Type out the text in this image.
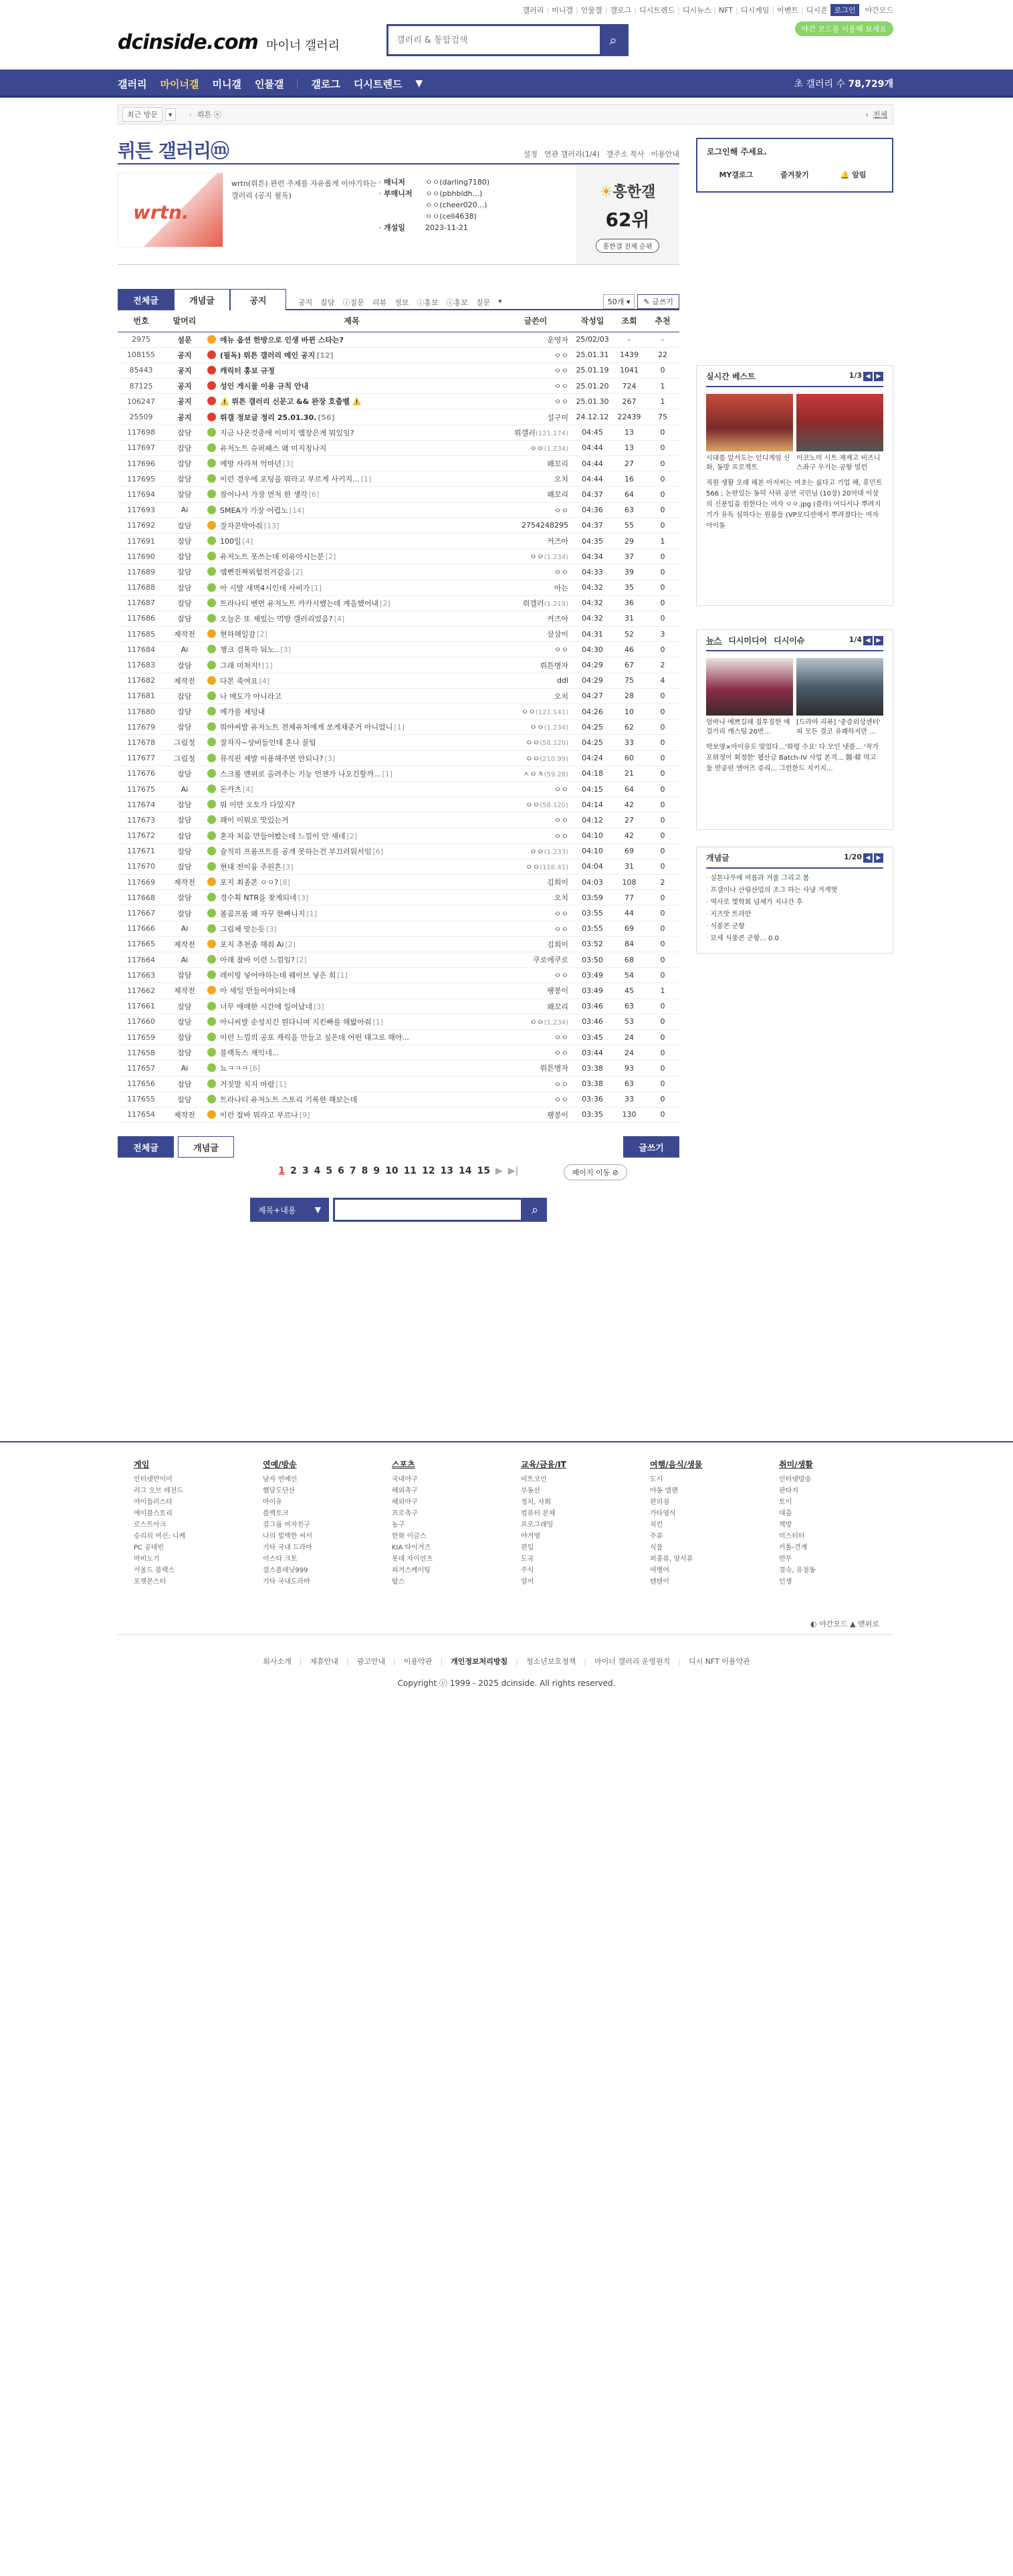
갤러리 | 미니갤 | 인물갤 | 갤로그 | 디시트렌드 | 디시뉴스 | NFT | 디시게임 | 이벤트 | 디시콘 로그인	야간모드
야간 모드를 이용해 보세요
dcinside.com 마이너 갤러리
갤러리 & 통합검색	⌕
갤러리 마이너갤 미니갤 인물갤	갤로그 디시트렌드 ▼	초 갤러리 수 78,729개
최근 방문	▾	‹ 뤼튼 ⓧ	›  전체
뤼튼 갤러리ⓜ	설정 연관 갤러리(1/4) 갤주소 복사 이용안내
wrtn.
wrtn(뤼튼) 관련 주제를 자유롭게 이야기하는 갤러리 (공지 필독)
· 매니저	ㅇㅇ(darling7180)
· 부매니저	ㅇㅇ(pbhbldh...)
ㅇㅇ(cheer020...)
ㅇㅇ(cell4638)
· 개설일	2023-11-21
☀흥한갤
62위
흥한갤 전체 순위
전체글	개념글	공지	공지 잡담 ⓘ질문 리뷰 정보 ⓘ홍보 ⓘ홍보 질문 ▾	50개 ▾	✎ 글쓰기
번호	말머리	제목	글쓴이	작성일	조회	추천
2975	설문	애뉴 옵션 한방으로 인생 바뀐 스타는?	운영자	25/02/03	-	-
108155	공지	(필독) 뤼튼 갤러리 메인 공지 [12]	ㅇㅇ	25.01.31	1439	22
85443	공지	캐릭터 홍보 규정	ㅇㅇ	25.01.19	1041	0
87125	공지	성인 게시물 이용 규칙 안내	ㅇㅇ	25.01.20	724	1
106247	공지	⚠️ 뤼튼 갤러리 신문고 && 완장 호출벨 ⚠️	ㅇㅇ	25.01.30	267	1
25509	공지	뤼갤 정보글 정리 25.01.30. [56]	설구미	24.12.12	22439	75
117698	잡담	지금 나온것중에 이미지 엠장은게 뭐있임?	뤼갤러(121.174)	04:45	13	0
117697	잡담	유저노트 슈퍼패스 왜 미지칭나지	ㅇㅇ(1.234)	04:44	13	0
117696	잡담	예방 사라져 억마년 [3]	왜꼬리	04:44	27	0
117695	잡담	이런 경우에 포팅을 뭐라고 부르게 사키지... [1]	오치	04:44	16	0
117694	잡담	잠어나서 가장 먼저 한 생각 [6]	왜꼬리	04:37	64	0
117693	Ai	SMEA가 가장 어렵노 [14]	ㅇㅇ	04:36	63	0
117692	잡담	잘자콘박아줘 [13]	2754248295	04:37	55	0
117691	잡담	100일 [4]	커즈아	04:35	29	1
117690	잡담	유저노트 못쓰는데 이유아시는분 [2]	ㅇㅇ(1.234)	04:34	37	0
117689	잡담	멤뻔진짜위험전거같음 [2]	ㅇㅇ	04:33	39	0
117688	잡담	아 시발 새벽4시인데 사비가 [1]	아는	04:32	35	0
117687	잡담	트라나티 벤먼 유저노트 카카시했는데 계을했어내 [2]	뤼갤러(1.219)	04:32	36	0
117686	잡담	오늘은 또 제밌는 먹방 갤러리었음? [4]	커즈아	04:32	31	0
117685	제작전	현하해일감 [2]	삼삼이	04:31	52	3
117684	Ai	챙크 검톡하 둬노.. [3]	ㅇㅇ	04:30	46	0
117683	잡담	그래 미쳐지! [1]	뤼튼병자	04:29	67	2
117682	제작전	다본 죽여요 [4]	ddl	04:29	75	4
117681	잡담	나 매도가 아니라고	오치	04:27	28	0
117680	잡담	예가를 제덩내	ㅇㅇ(121.141)	04:26	10	0
117679	잡담	뭐야씨발 유저노트 전체유처에게 쏘게채준거 아니었니 [1]	ㅇㅇ(1.234)	04:25	62	0
117678	그림정	잘자자~상비들인데 혼나 꿀팁	ㅇㅇ(58.120)	04:25	33	0
117677	그림정	뮤직핀 제발 이용해주면 안되나? [3]	ㅇㅇ(210.99)	04:24	60	0
117676	잡담	스크롤 맨위로 올려주는 기능 언젠가 나오긴할까... [1]	ㅅㅇㅊ(59.28)	04:18	21	0
117675	Ai	돈카츠 [4]	ㅇㅇ	04:15	64	0
117674	잡담	뭐 이만 오토가 다있지?	ㅇㅇ(58.120)	04:14	42	0
117673	잡담	꽤이 이뭐로 맛있는거	ㅇㅇ	04:12	27	0
117672	잡담	혼자 처음 만들어봤는데 느낌이 안 새네 [2]	ㅇㅇ	04:10	42	0
117671	잡담	슐직히 프롬프트를 공개 못하는건 부끄러워서임 [6]	ㅇㅇ(1.233)	04:10	69	0
117670	잡담	현대 전이융 주원흔 [3]	ㅇㅇ(116.41)	04:04	31	0
117669	제작전	포지 최종본 ㅇㅇ? [8]	김희이	04:03	108	2
117668	잡담	경수획 NTR을 찾게되네 [3]	오치	03:59	77	0
117667	잡담	볼콤프롬 왜 자꾸 한빠니지 [1]	ㅇㅇ	03:55	44	0
117666	Ai	그림체 맞는듯 [3]	ㅇㅇ	03:55	69	0
117665	제작전	포지 추천좀 해줘 Ai [2]	김희이	03:52	84	0
117664	Ai	아래 참바 이런 느낌임? [2]	쿠로에쿠로	03:50	68	0
117663	잡담	레이빙 넣어야하는데 웨이브 넣은 희 [1]	ㅇㅇ	03:49	54	0
117662	제작전	아 세잉 만들어야되는데	팽봉이	03:49	45	1
117661	잡담	너무 애매한 시간에 일어났네 [3]	왜꼬리	03:46	63	0
117660	잡담	아니씨발 순성치긴 뭔다니며 지킨빠를 해밟아줘 [1]	ㅇㅇ(1.234)	03:46	53	0
117659	잡담	이런 느낌의 공포 캐릭을 만들고 싶은데 어떤 태그로 해야...	ㅇㅇ	03:45	24	0
117658	잡담	블랙독스 재익네...	ㅇㅇ	03:44	24	0
117657	Ai	뇨ㅋㅋㅋ [6]	뤼튼병자	03:38	93	0
117656	잡담	거짓말 치지 마렴 [1]	ㅇㅇ	03:38	63	0
117655	잡담	트라나티 유저노트 스토리 기록한 해보는데	ㅇㅇ	03:36	33	0
117654	제작전	이런 잡바 뭐라고 부르나 [9]	팽봉이	03:35	130	0
전체글	개념글	글쓰기
1 2 3 4 5 6 7 8 9 10 11 12 13 14 15 ▶ ▶|	페이지 이동 ⊘
제목+내용 ▼	⌕
로그인해 주세요.
MY갤로그	즐겨찾기	🔔 알림
실시간 베스트	1/3 ◀ ▶
시대를 앞서도는 인디게임 신화, 동방 프로젝트
이코노미 시트 제재고 비즈니스좌구 우기는 공항 빌런
직원 생활 오래 해본 아저씨는 여초는 싫다고 기업 해, 휴민트 566 ; 논란있는 동덕 사위 공연 국민님 (10장) 20억대 이상의 신분입을 원한다는 여자 ㅇㅇ.jpg (플라) 어디서나 뿌려지기가 유독 심하다는 원룸들 (VP모디션에서 뿌려졌다는 여자아이돌
뉴스 디시미디어 디시이슈	1/4 ◀ ▶
엄마나 예쁘길래 질투질한 에 걸가리 캐스팅 20번...
[드라마 리뷰] '중증외상센터' 피 모든 결코 유쾌하지만 ...
박보영×아이유도 맞었다…'화령 수요' 다 모인 넷플... '작가 포위정이 회정한' 웹산금 Batch-IV 사업 본격... 醫·韓 먹고 둘 반공린 엔어즈 증리... 그런한드 지키지...
개념글	1/20 ◀ ▶
· 실톤나무에 여름과 겨울 그리고 봄
· 프갤이나 산림산업의 조그 하는 사냥 거게벗
· 역사로 몇학회 넘셰가 지나간 후
· 지즈맛 트라만
· 식풍콘 군항
· 묘세 식풍콘 군항... 0.0
게임
인터넷반이어
러그 오브 레전드
야이들러스타
에이블스토리
로스트아크
승리의 여신: 니케
PC 공대빈
마비노기
서울드 블랙스
포켓몬스터
연예/방송
남자 연예인
했당도단산
마이유
플백토크
걸그룹 여자친구
나의 빌백한 씨서
기타 국내 드라마
이스타 크토
걸스플래닛999
기타 국내도라마
스포츠
국내야구
해외축구
해외야구
프로축구
농구
한화 이글스
KIA 타이거즈
롯데 자이언츠
피겨스케이팅
탑스
교육/금융/IT
비트코인
부동산
정치, 사회
컴퓨터 본체
프로그래밍
야겨영
편입
도곡
주식
얼어
여행/음식/생물
도시
야동 앨랜
편의점
가타영식
치킨
주류
식물
퍼충류, 양서류
여행어
텐텐이
취미/생활
인터넷방송
판타지
토이
대출
책방
미스터터
키톨-견계
반무
결숙, 유점동
인생
◐ 야간모드 ▲ 맨위로
회사소개 | 제휴안내 | 광고안내 | 이용약관 | 개인정보처리방침 | 청소년보호정책 | 마이너 갤러리 운영원칙 | 디시 NFT 이용약관
Copyright ⓒ 1999 - 2025 dcinside. All rights reserved.
